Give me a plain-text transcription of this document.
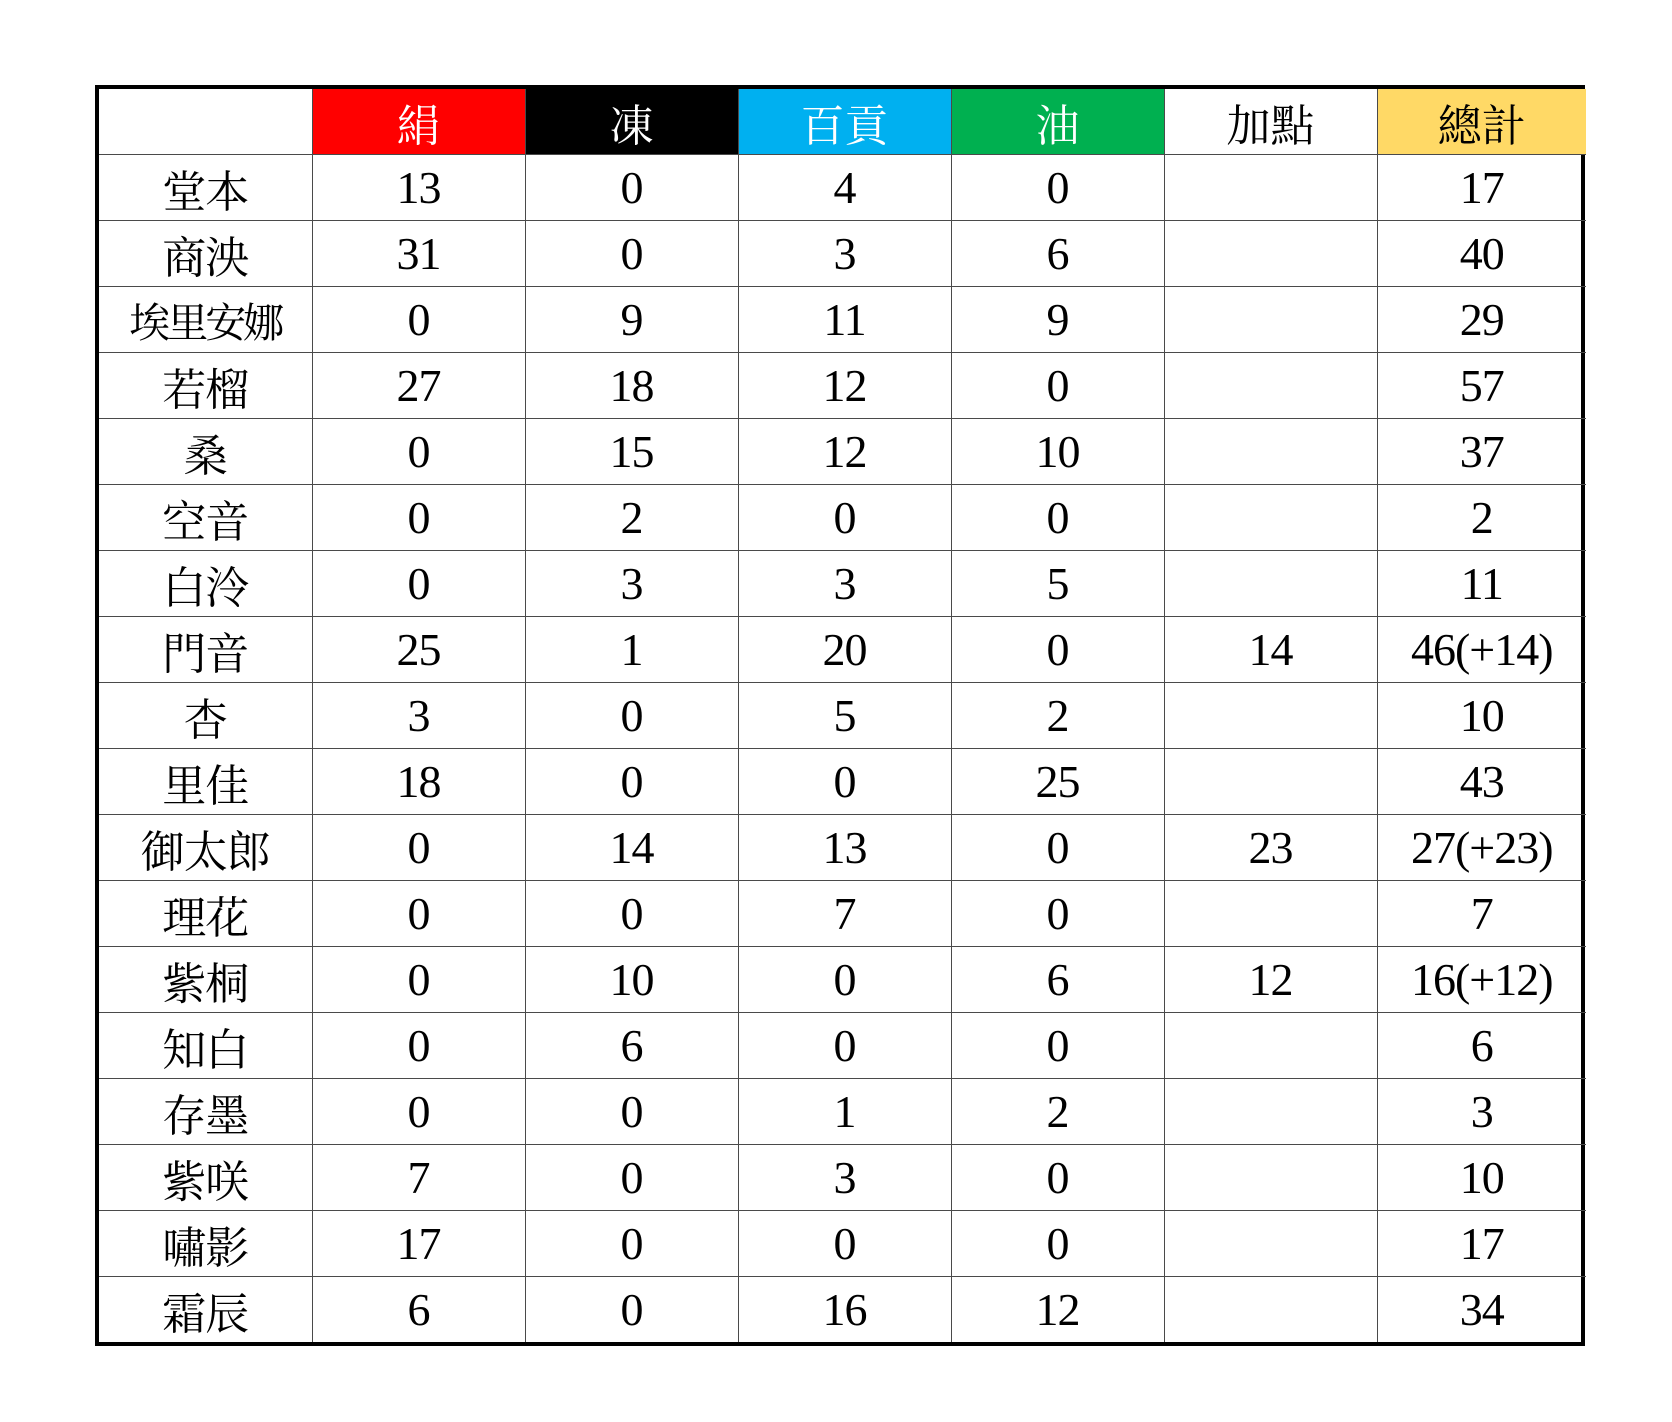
	絹	凍	百貢	油	加點	總計
堂本	13	0	4	0		17
商泱	31	0	3	6		40
埃里安娜	0	9	11	9		29
若榴	27	18	12	0		57
桑	0	15	12	10		37
空音	0	2	0	0		2
白泠	0	3	3	5		11
門音	25	1	20	0	14	46(+14)
杏	3	0	5	2		10
里佳	18	0	0	25		43
御太郎	0	14	13	0	23	27(+23)
理花	0	0	7	0		7
紫桐	0	10	0	6	12	16(+12)
知白	0	6	0	0		6
存墨	0	0	1	2		3
紫咲	7	0	3	0		10
嘯影	17	0	0	0		17
霜辰	6	0	16	12		34
